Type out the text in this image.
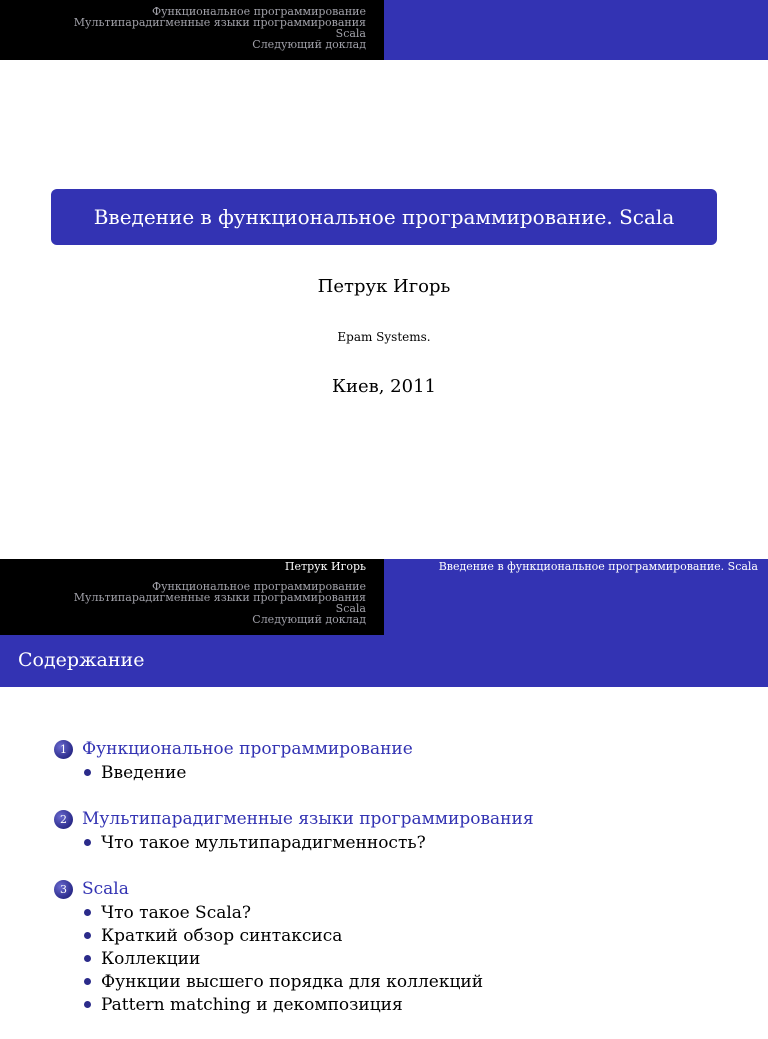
Функциональное программирование
Мультипарадигменные языки программирования
Scala
Следующий доклад
Введение в функциональное программирование. Scala
Петрук Игорь
Epam Systems.
Киев, 2011
Петрук Игорь
Функциональное программирование
Мультипарадигменные языки программирования
Scala
Следующий доклад
Введение в функциональное программирование. Scala
Содержание
1 Функциональное программирование
Введение
2 Мультипарадигменные языки программирования
Что такое мультипарадигменность?
3 Scala
Что такое Scala?
Краткий обзор синтаксиса
Коллекции
Функции высшего порядка для коллекций
Pattern matching и декомпозиция
